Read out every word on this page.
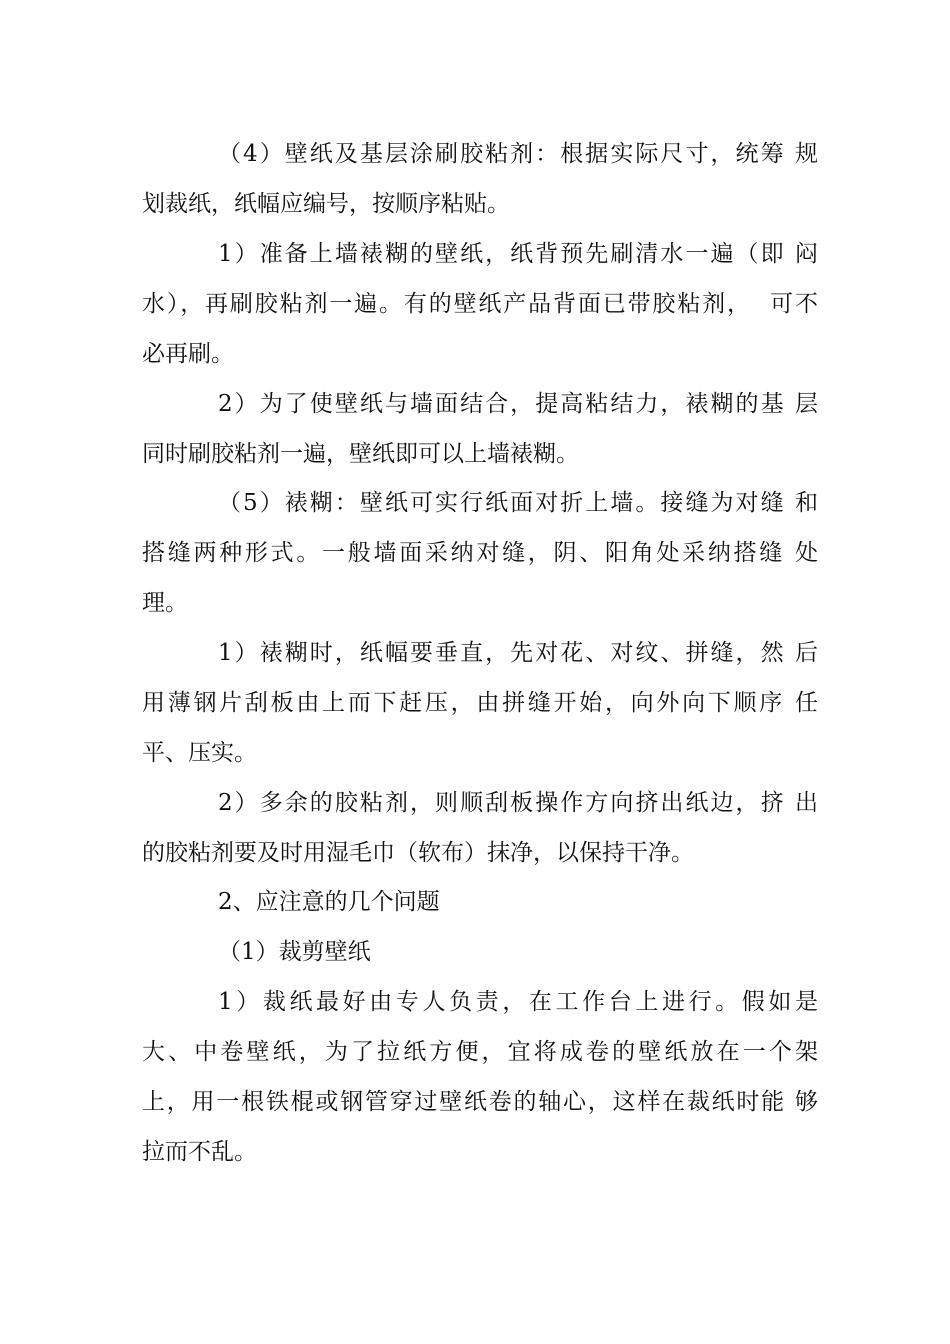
（4）壁纸及基层涂刷胶粘剂：根据实际尺寸，统筹 规
划裁纸，纸幅应编号，按顺序粘贴。
1）准备上墙裱糊的壁纸，纸背预先刷清水一遍（即 闷
水），再刷胶粘剂一遍。有的壁纸产品背面已带胶粘剂，  可不
必再刷。
2）为了使壁纸与墙面结合，提高粘结力，裱糊的基 层
同时刷胶粘剂一遍，壁纸即可以上墙裱糊。
（5）裱糊：壁纸可实行纸面对折上墙。接缝为对缝 和
搭缝两种形式。一般墙面采纳对缝，阴、阳角处采纳搭缝 处
理。
1）裱糊时，纸幅要垂直，先对花、对纹、拼缝，然 后
用薄钢片刮板由上而下赶压，由拼缝开始，向外向下顺序 任
平、压实。
2）多余的胶粘剂，则顺刮板操作方向挤出纸边，挤 出
的胶粘剂要及时用湿毛巾（软布）抹净，以保持干净。
2、应注意的几个问题
（1）裁剪壁纸
1）裁纸最好由专人负责，在工作台上进行。假如是
大、中卷壁纸，为了拉纸方便，宜将成卷的壁纸放在一个架
上，用一根铁棍或钢管穿过壁纸卷的轴心，这样在裁纸时能 够
拉而不乱。
